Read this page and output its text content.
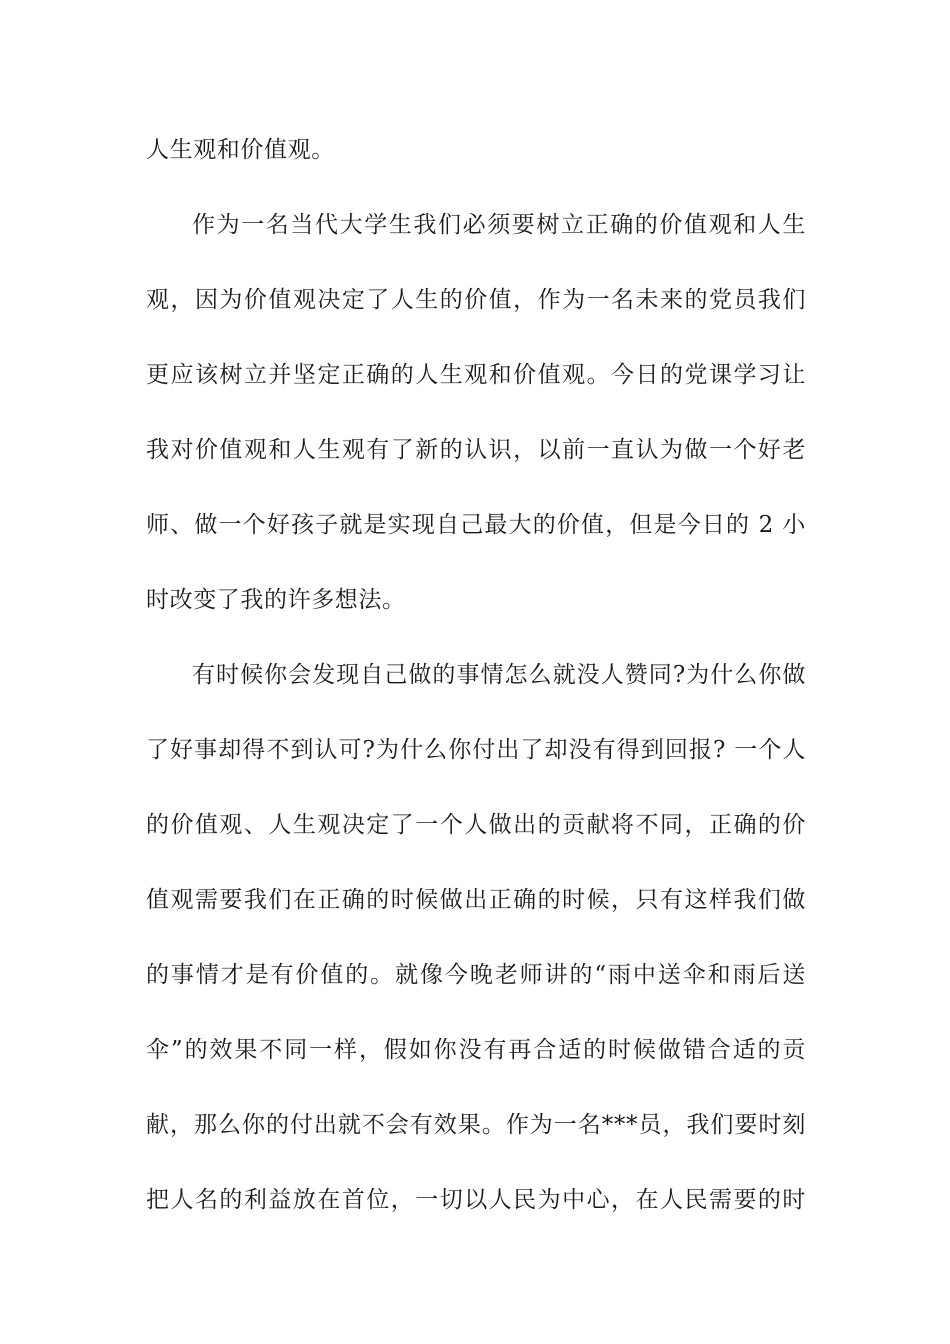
人生观和价值观。
作为一名当代大学生我们必须要树立正确的价值观和人生
观，因为价值观决定了人生的价值，作为一名未来的党员我们
更应该树立并坚定正确的人生观和价值观。今日的党课学习让
我对价值观和人生观有了新的认识，以前一直认为做一个好老
师、做一个好孩子就是实现自己最大的价值，但是今日的 2 小
时改变了我的许多想法。
有时候你会发现自己做的事情怎么就没人赞同?为什么你做
了好事却得不到认可?为什么你付出了却没有得到回报? 一个人
的价值观、人生观决定了一个人做出的贡献将不同，正确的价
值观需要我们在正确的时候做出正确的时候，只有这样我们做
的事情才是有价值的。就像今晚老师讲的“雨中送伞和雨后送
伞”的效果不同一样，假如你没有再合适的时候做错合适的贡
献，那么你的付出就不会有效果。作为一名***员，我们要时刻
把人名的利益放在首位，一切以人民为中心，在人民需要的时
